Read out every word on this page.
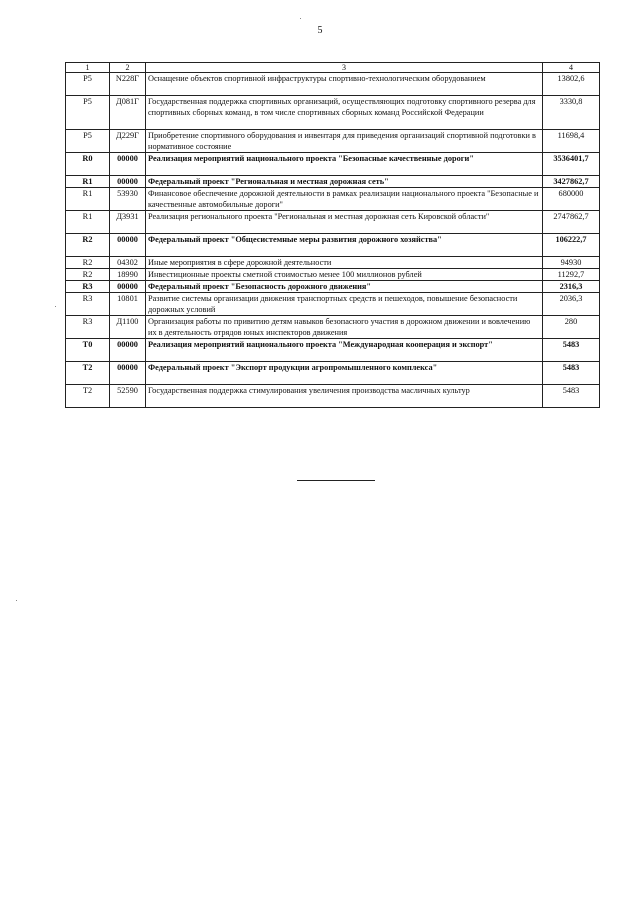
5
1	2	3	4
P5	N228Г	Оснащение объектов спортивной инфраструктуры спортивно-технологическим оборудованием	13802,6
P5	Д081Г	Государственная поддержка спортивных организаций, осуществляющих подготовку спортивного резерва для спортивных сборных команд, в том числе спортивных сборных команд Российской Федерации	3330,8
P5	Д229Г	Приобретение спортивного оборудования и инвентаря для приведения организаций спортивной подготовки в нормативное состояние	11698,4
R0	00000	Реализация мероприятий национального проекта "Безопасные качественные дороги"	3536401,7
R1	00000	Федеральный проект "Региональная и местная дорожная сеть"	3427862,7
R1	53930	Финансовое обеспечение дорожной деятельности в рамках реализации национального проекта "Безопасные и качественные автомобильные дороги"	680000
R1	Д3931	Реализация регионального проекта "Региональная и местная дорожная сеть Кировской области"	2747862,7
R2	00000	Федеральный проект "Общесистемные меры развития дорожного хозяйства"	106222,7
R2	04302	Иные мероприятия в сфере дорожной деятельности	94930
R2	18990	Инвестиционные проекты сметной стоимостью менее 100 миллионов рублей	11292,7
R3	00000	Федеральный проект "Безопасность дорожного движения"	2316,3
R3	10801	Развитие системы организации движения транспортных средств и пешеходов, повышение безопасности дорожных условий	2036,3
R3	Д1100	Организация работы по привитию детям навыков безопасного участия в дорожном движении и вовлечению их в деятельность отрядов юных инспекторов движения	280
T0	00000	Реализация мероприятий национального проекта "Международная кооперация и экспорт"	5483
T2	00000	Федеральный проект "Экспорт продукции агропромышленного комплекса"	5483
T2	52590	Государственная поддержка стимулирования увеличения производства масличных культур	5483
